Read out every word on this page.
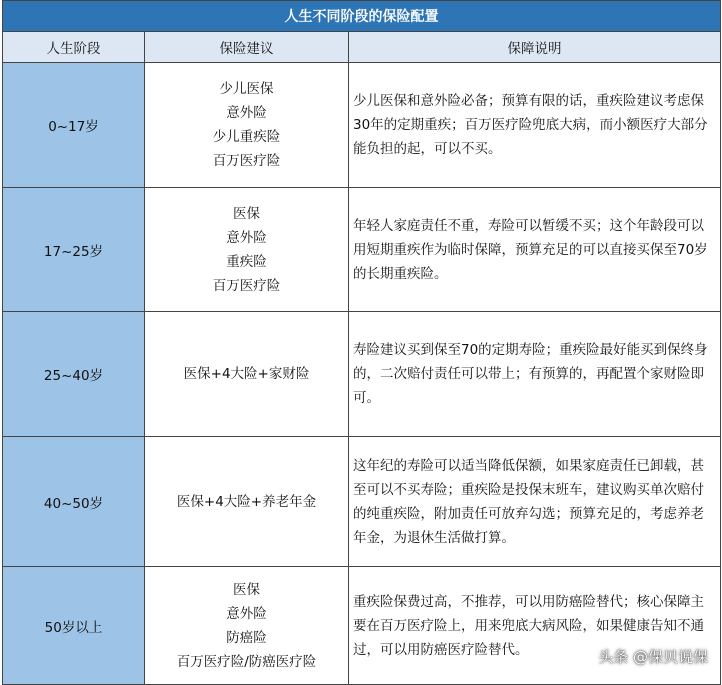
人生不同阶段的保险配置		
人生阶段	保险建议	保障说明
0~17岁	少儿医保
意外险
少儿重疾险
百万医疗险	少儿医保和意外险必备；预算有限的话，重疾险建议考虑保30年的定期重疾；百万医疗险兜底大病，而小额医疗大部分能负担的起，可以不买。
17~25岁	医保
意外险
重疾险
百万医疗险	年轻人家庭责任不重，寿险可以暂缓不买；这个年龄段可以用短期重疾作为临时保障，预算充足的可以直接买保至70岁的长期重疾险。
25~40岁	医保+4大险+家财险	寿险建议买到保至70的定期寿险；重疾险最好能买到保终身的，二次赔付责任可以带上；有预算的，再配置个家财险即可。
40~50岁	医保+4大险+养老年金	这年纪的寿险可以适当降低保额，如果家庭责任已卸载，甚至可以不买寿险；重疾险是投保末班车，建议购买单次赔付的纯重疾险，附加责任可放弃勾选；预算充足的，考虑养老年金，为退休生活做打算。
50岁以上	医保
意外险
防癌险
百万医疗险/防癌医疗险	重疾险保费过高，不推荐，可以用防癌险替代；核心保障主要在百万医疗险上，用来兜底大病风险，如果健康告知不通过，可以用防癌医疗险替代。	头条 @保贝说保
